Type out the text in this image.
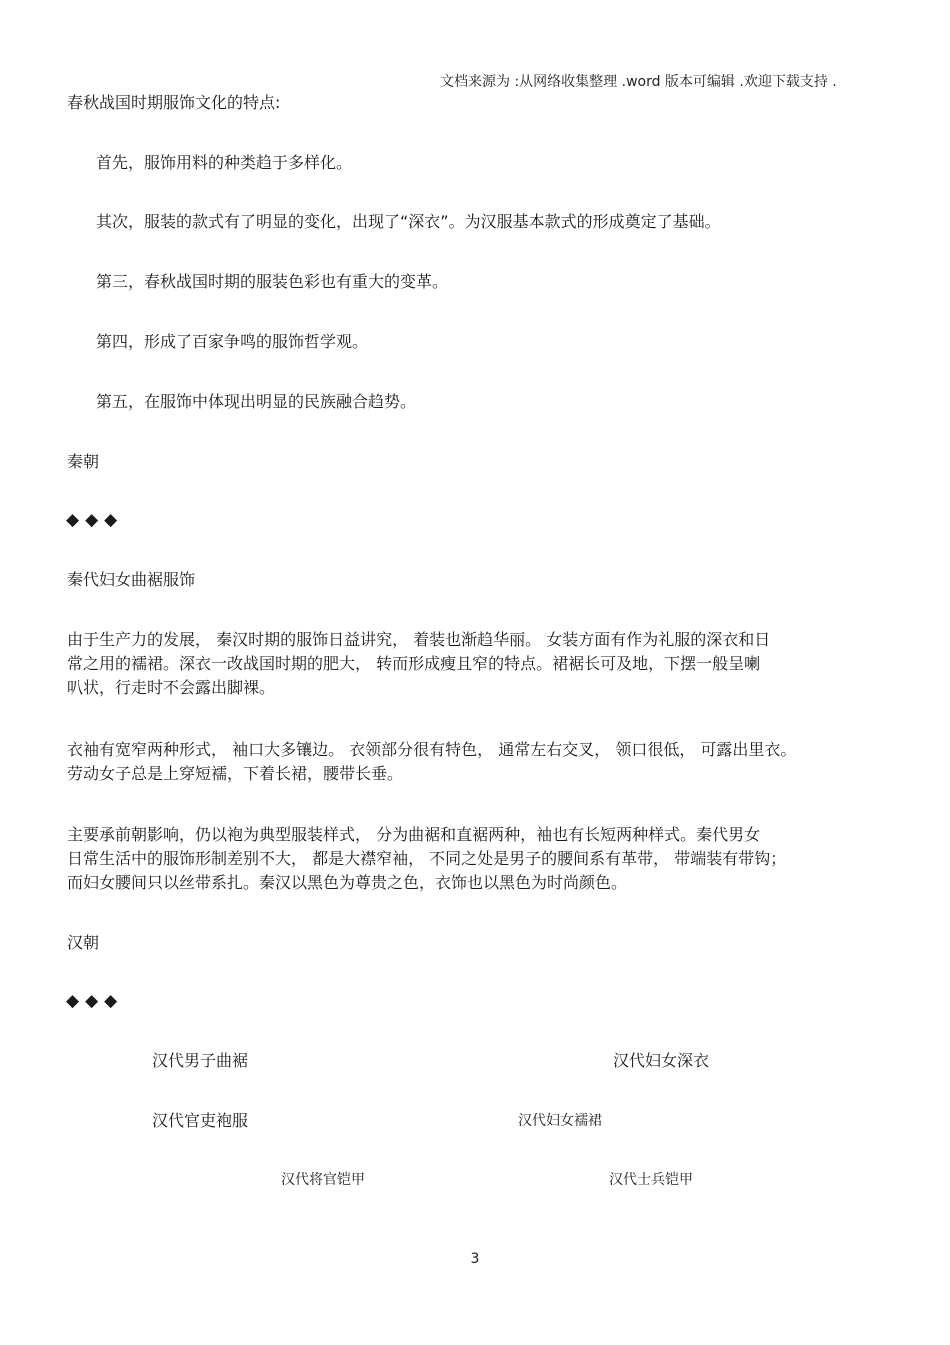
文档来源为 :从网络收集整理 .word 版本可编辑 .欢迎下载支持 .
春秋战国时期服饰文化的特点:
首先，服饰用料的种类趋于多样化。
其次，服装的款式有了明显的变化，出现了“深衣”。为汉服基本款式的形成奠定了基础。
第三，春秋战国时期的服装色彩也有重大的变革。
第四，形成了百家争鸣的服饰哲学观。
第五，在服饰中体现出明显的民族融合趋势。
秦朝
◆◆◆
秦代妇女曲裾服饰
由于生产力的发展， 秦汉时期的服饰日益讲究， 着装也渐趋华丽。 女装方面有作为礼服的深衣和日
常之用的襦裙。深衣一改战国时期的肥大， 转而形成瘦且窄的特点。裙裾长可及地，下摆一般呈喇
叭状，行走时不会露出脚裸。
衣袖有宽窄两种形式， 袖口大多镶边。 衣领部分很有特色， 通常左右交叉， 领口很低， 可露出里衣。
劳动女子总是上穿短襦，下着长裙，腰带长垂。
主要承前朝影响，仍以袍为典型服装样式， 分为曲裾和直裾两种，袖也有长短两种样式。秦代男女
日常生活中的服饰形制差别不大， 都是大襟窄袖， 不同之处是男子的腰间系有革带， 带端装有带钩；
而妇女腰间只以丝带系扎。秦汉以黑色为尊贵之色，衣饰也以黑色为时尚颜色。
汉朝
◆◆◆
汉代男子曲裾	汉代妇女深衣
汉代官吏袍服	汉代妇女襦裙
汉代将官铠甲	汉代士兵铠甲
3
